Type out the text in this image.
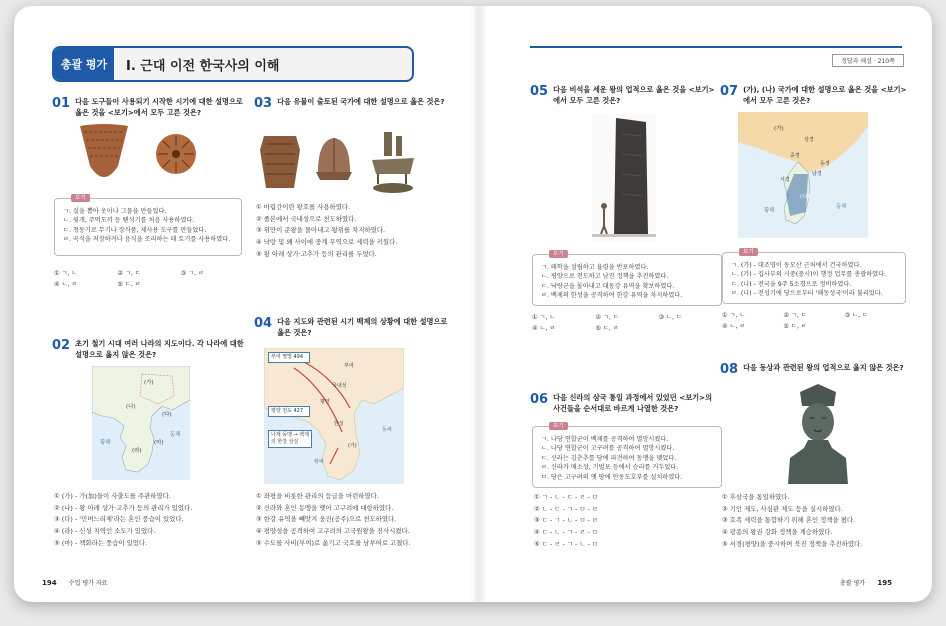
총괄 평가	I. 근대 이전 한국사의 이해	정답과 해설 · 210쪽
01 다음 도구들이 사용되기 시작한 시기에 대한 설명으로 옳은 것을 <보기>에서 모두 고른 것은?
보기
ㄱ. 실을 뽑아 옷이나 그물을 만들었다.
ㄴ. 뒷개, 주먹도끼 등 뗀석기를 처음 사용하였다.
ㄷ. 청동기로 무기나 장식품, 제사용 도구를 만들었다.
ㄹ. 곡식을 저장하거나 음식을 조리하는 데 토기를 사용하였다.
① ㄱ, ㄴ	② ㄱ, ㄷ	③ ㄱ, ㄹ
④ ㄴ, ㄹ	⑤ ㄷ, ㄹ
02 초기 철기 시대 여러 나라의 지도이다. 각 나라에 대한 설명으로 옳지 않은 것은?
(가)
(나)
(다)
(라)
(마)
동해
황해
① (가) - 가(加)들이 사출도를 주관하였다.
② (나) - 왕 아래 상가·고추가 등의 관리가 있었다.
③ (다) - '민며느리제'라는 혼인 풍습이 있었다.
④ (라) - 신성 지역인 소도가 있었다.
⑤ (마) - 책화라는 풍습이 있었다.
03 다음 유물이 출토된 국가에 대한 설명으로 옳은 것은?
① 마립간이란 왕호를 사용하였다.
② 졸본에서 국내성으로 천도하였다.
③ 위만이 준왕을 몰아내고 왕위를 차지하였다.
④ 낙랑 및 왜 사이에 중계 무역으로 세력을 키웠다.
⑤ 왕 아래 상가·고추가 등의 관리를 두었다.
04 다음 지도와 관련된 시기 백제의 상황에 대한 설명으로 옳은 것은?
부여 멸망 494
평양 천도 427
나제 동맹 → 백제의 한강 상실
부여
동해
황해
(가)
국내성
평양
한성
① 좌평을 비롯한 관리의 등급을 마련하였다.
② 신라와 혼인 동맹을 맺어 고구려에 대항하였다.
③ 한강 유역을 빼앗겨 웅진(공주)으로 천도하였다.
④ 평양성을 공격하여 고구려의 고국원왕을 전사시켰다.
⑤ 수도를 사비(부여)로 옮기고 국호를 남부여로 고쳤다.
05 다음 비석을 세운 왕의 업적으로 옳은 것을 <보기>에서 모두 고른 것은?
보기
ㄱ. 태학을 설립하고 율령을 반포하였다.
ㄴ. 평양으로 천도하고 남진 정책을 추진하였다.
ㄷ. 낙랑군을 몰아내고 대동강 유역을 확보하였다.
ㄹ. 백제의 한성을 공격하여 한강 유역을 차지하였다.
① ㄱ, ㄴ	② ㄱ, ㄷ	③ ㄴ, ㄷ
④ ㄴ, ㄹ	⑤ ㄷ, ㄹ
06 다음 신라의 삼국 통일 과정에서 있었던 <보기>의 사건들을 순서대로 바르게 나열한 것은?
보기
ㄱ. 나당 연합군이 백제를 공격하여 멸망시켰다.
ㄴ. 나당 연합군이 고구려를 공격하여 멸망시켰다.
ㄷ. 신라는 김춘추를 당에 파견하여 동맹을 맺었다.
ㄹ. 신라가 매소성, 기벌포 등에서 승리를 거두었다.
ㅁ. 당은 고구려의 옛 땅에 안동도호부를 설치하였다.
① ㄱ - ㄴ - ㄷ - ㄹ - ㅁ
② ㄴ - ㄷ - ㄱ - ㅁ - ㄹ
③ ㄷ - ㄱ - ㄴ - ㅁ - ㄹ
④ ㄷ - ㄴ - ㄱ - ㄹ - ㅁ
⑤ ㄷ - ㄹ - ㄱ - ㄴ - ㅁ
07 (가), (나) 국가에 대한 설명으로 옳은 것을 <보기>에서 모두 고른 것은?
(가)
(나)
동해
황해
상경
중경
동경
남경
서경
보기
ㄱ. (가) - 대조영이 동모산 근처에서 건국하였다.
ㄴ. (가) - 집사부의 시중(중시)이 행정 업무를 총괄하였다.
ㄷ. (나) - 전국을 9주 5소경으로 정비하였다.
ㄹ. (나) - 전성기에 당으로부터 '해동성국'이라 불리었다.
① ㄱ, ㄴ	② ㄱ, ㄷ	③ ㄴ, ㄷ
④ ㄴ, ㄹ	⑤ ㄷ, ㄹ
08 다음 동상과 관련된 왕의 업적으로 옳지 않은 것은?
① 후삼국을 통일하였다.
② 기인 제도, 사심관 제도 등을 실시하였다.
③ 호족 세력을 통합하기 위해 혼인 정책을 폈다.
④ 광종의 왕권 강화 정책을 계승하였다.
⑤ 서경(평양)을 중시하며 북진 정책을 추진하였다.
194 수업 평가 자료	총괄 평가 195
